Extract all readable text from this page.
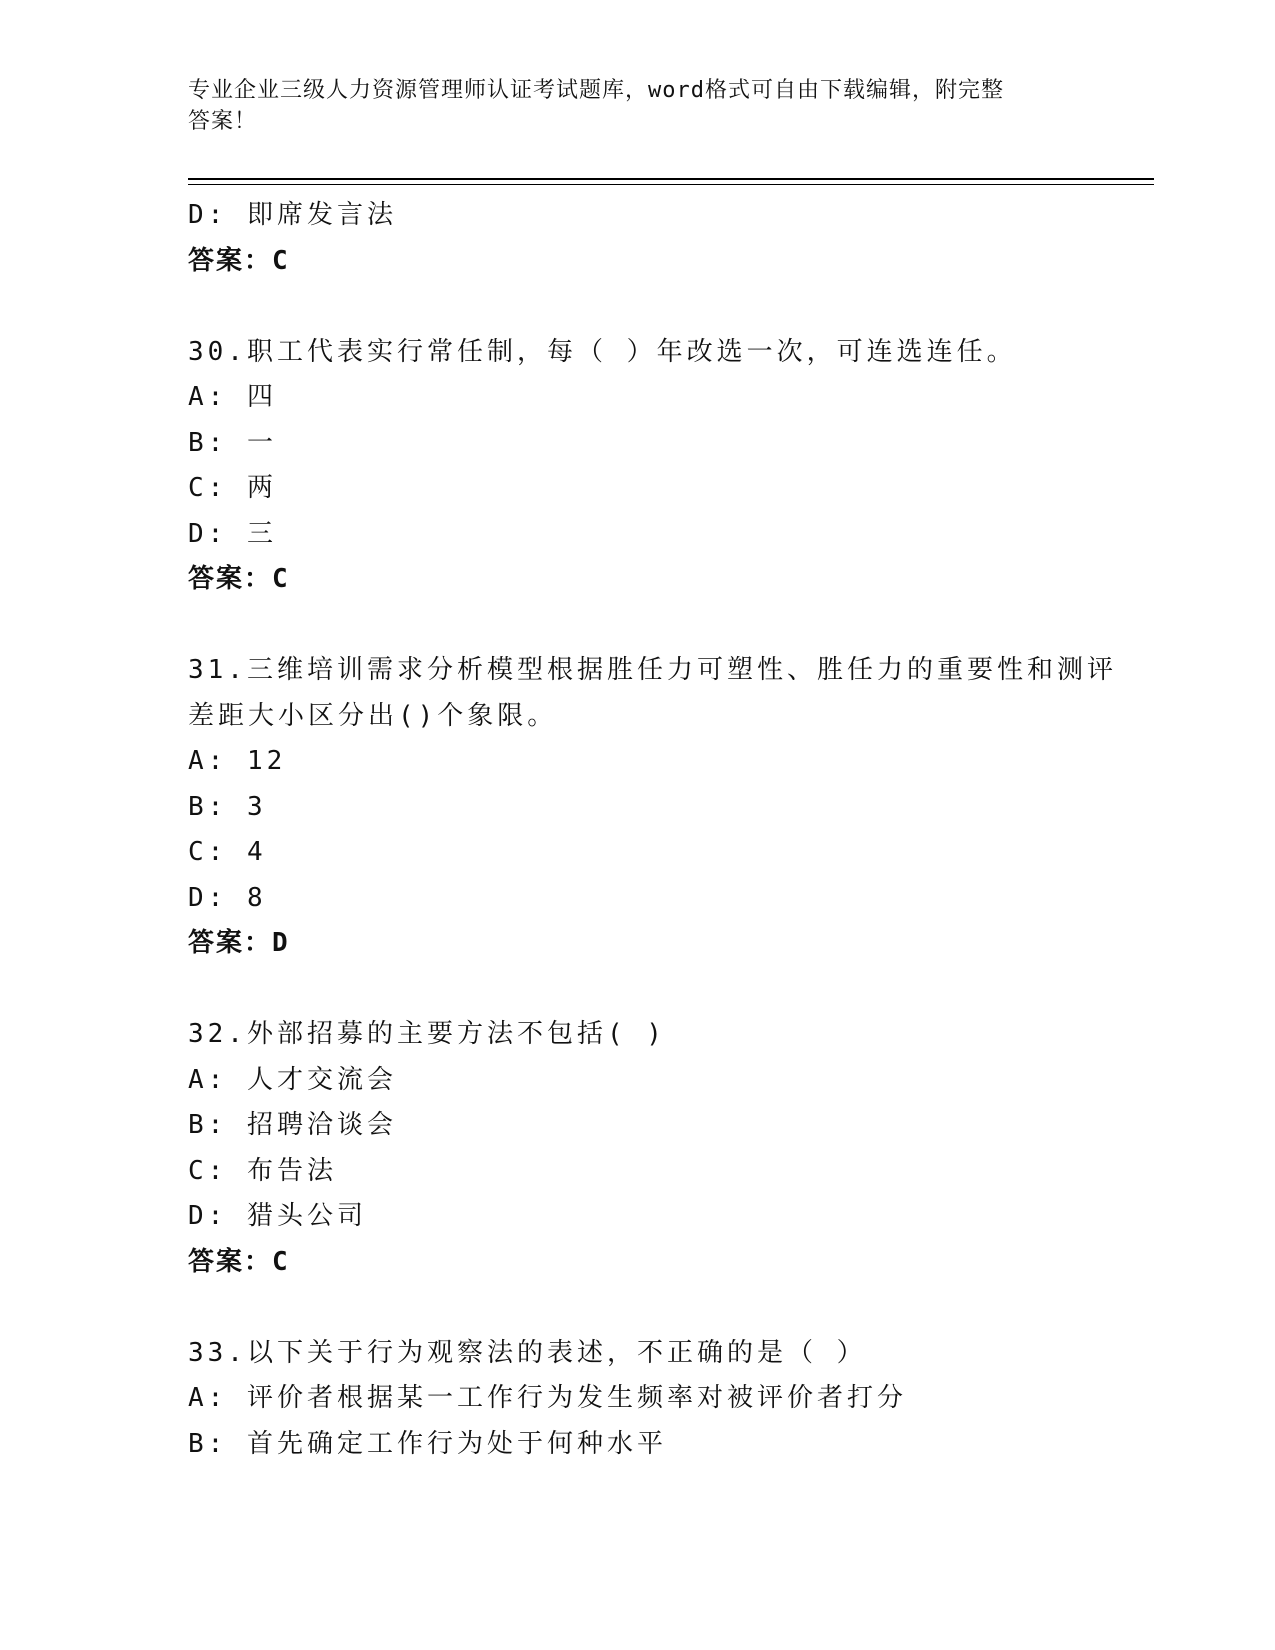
专业企业三级人力资源管理师认证考试题库，word格式可自由下载编辑，附完整
答案！
D: 即席发言法
答案：C
30.职工代表实行常任制，每（ ）年改选一次，可连选连任。
A: 四
B: 一
C: 两
D: 三
答案：C
31.三维培训需求分析模型根据胜任力可塑性、胜任力的重要性和测评
差距大小区分出()个象限。
A: 12
B: 3
C: 4
D: 8
答案：D
32.外部招募的主要方法不包括( )
A: 人才交流会
B: 招聘洽谈会
C: 布告法
D: 猎头公司
答案：C
33.以下关于行为观察法的表述，不正确的是（ ）
A: 评价者根据某一工作行为发生频率对被评价者打分
B: 首先确定工作行为处于何种水平
